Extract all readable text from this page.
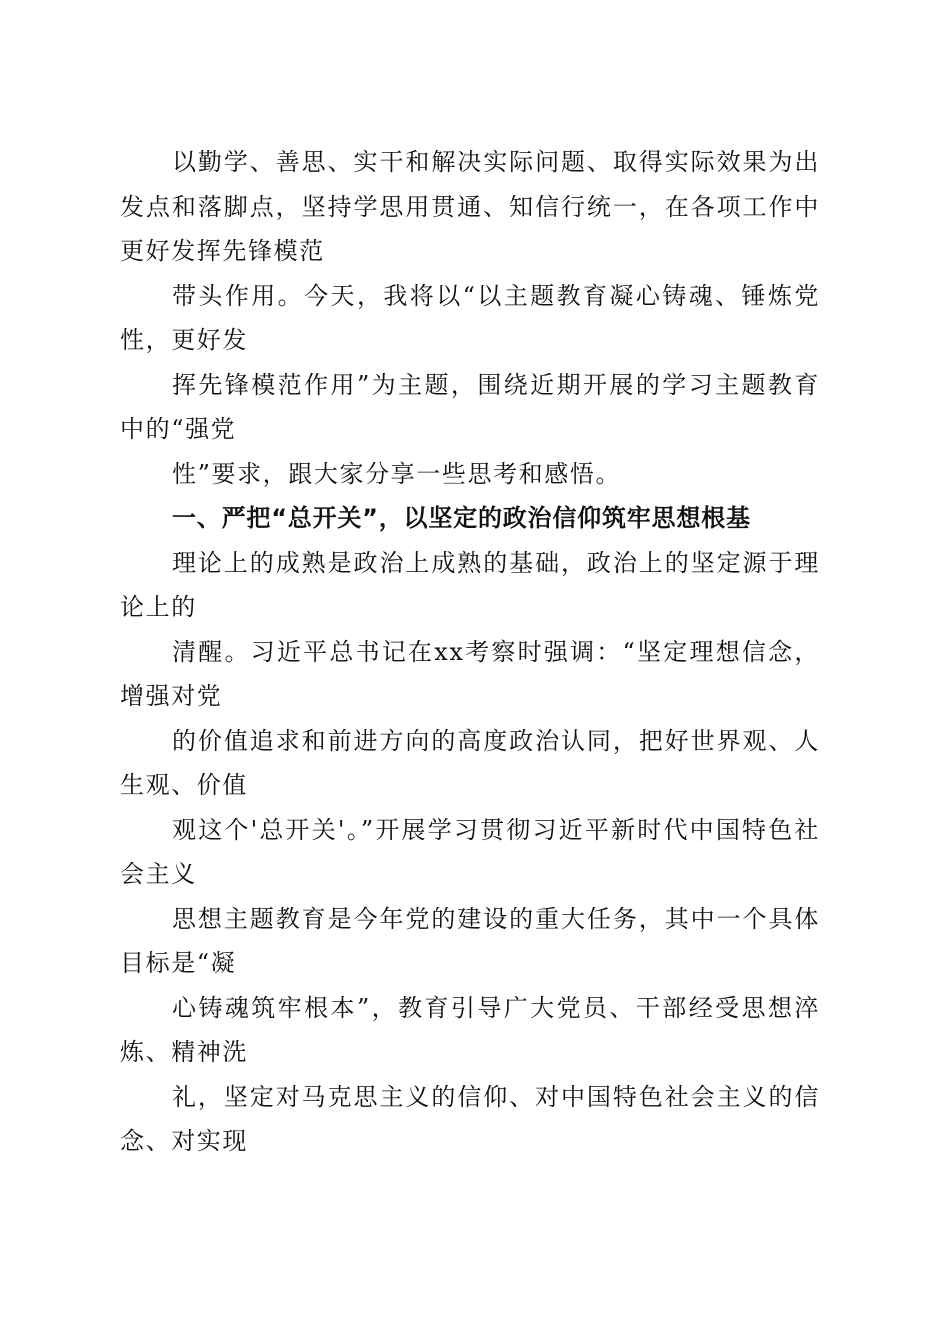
以勤学、善思、实干和解决实际问题、取得实际效果为出发点和落脚点，坚持学思用贯通、知信行统一，在各项工作中更好发挥先锋模范

带头作用。今天，我将以“以主题教育凝心铸魂、锤炼党性，更好发

挥先锋模范作用”为主题，围绕近期开展的学习主题教育中的“强党

性”要求，跟大家分享一些思考和感悟。

一、严把“总开关”，以坚定的政治信仰筑牢思想根基

理论上的成熟是政治上成熟的基础，政治上的坚定源于理论上的

清醒。习近平总书记在xx考察时强调：“坚定理想信念，增强对党

的价值追求和前进方向的高度政治认同，把好世界观、人生观、价值

观这个'总开关'。”开展学习贯彻习近平新时代中国特色社会主义

思想主题教育是今年党的建设的重大任务，其中一个具体目标是“凝

心铸魂筑牢根本”，教育引导广大党员、干部经受思想淬炼、精神洗

礼，坚定对马克思主义的信仰、对中国特色社会主义的信念、对实现
